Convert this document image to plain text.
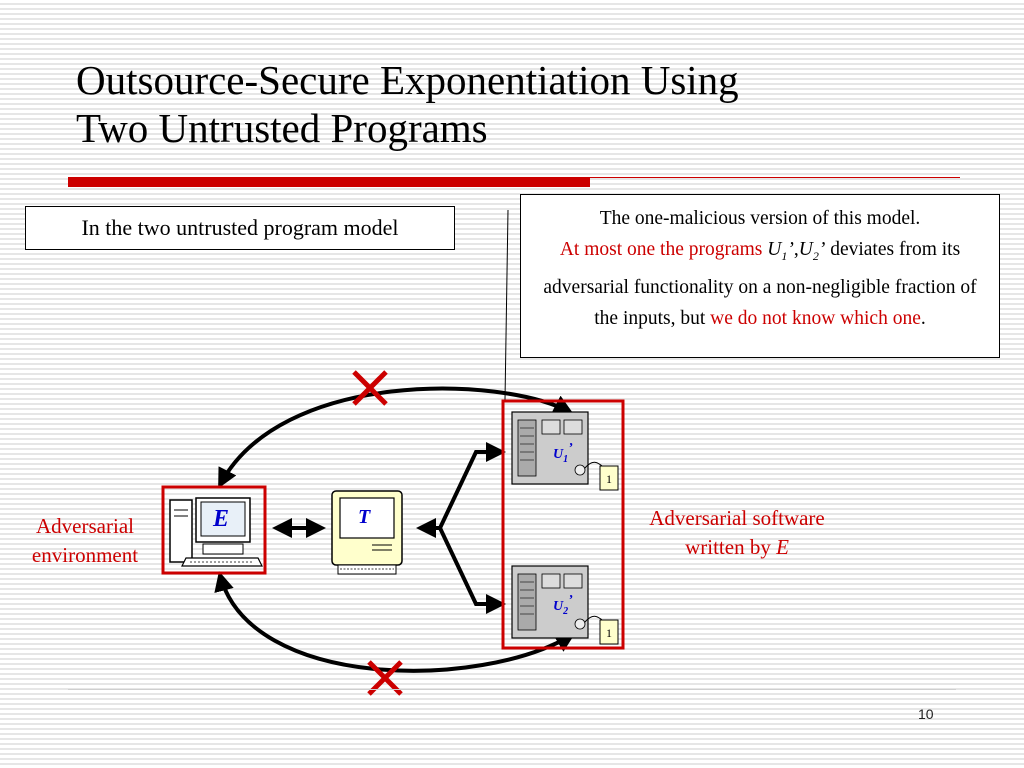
Outsource-Secure Exponentiation Using
Two Untrusted Programs
In the two untrusted program model	The one-malicious version of this model.
At most one the programs $U_1’,U_2$’ deviates from its adversarial functionality on a non-negligible fraction of the inputs, but we do not know which one.
E	T
$U_1$’
1
$U_2$’
1
Adversarial
environment
Adversarial software
written by E
10
